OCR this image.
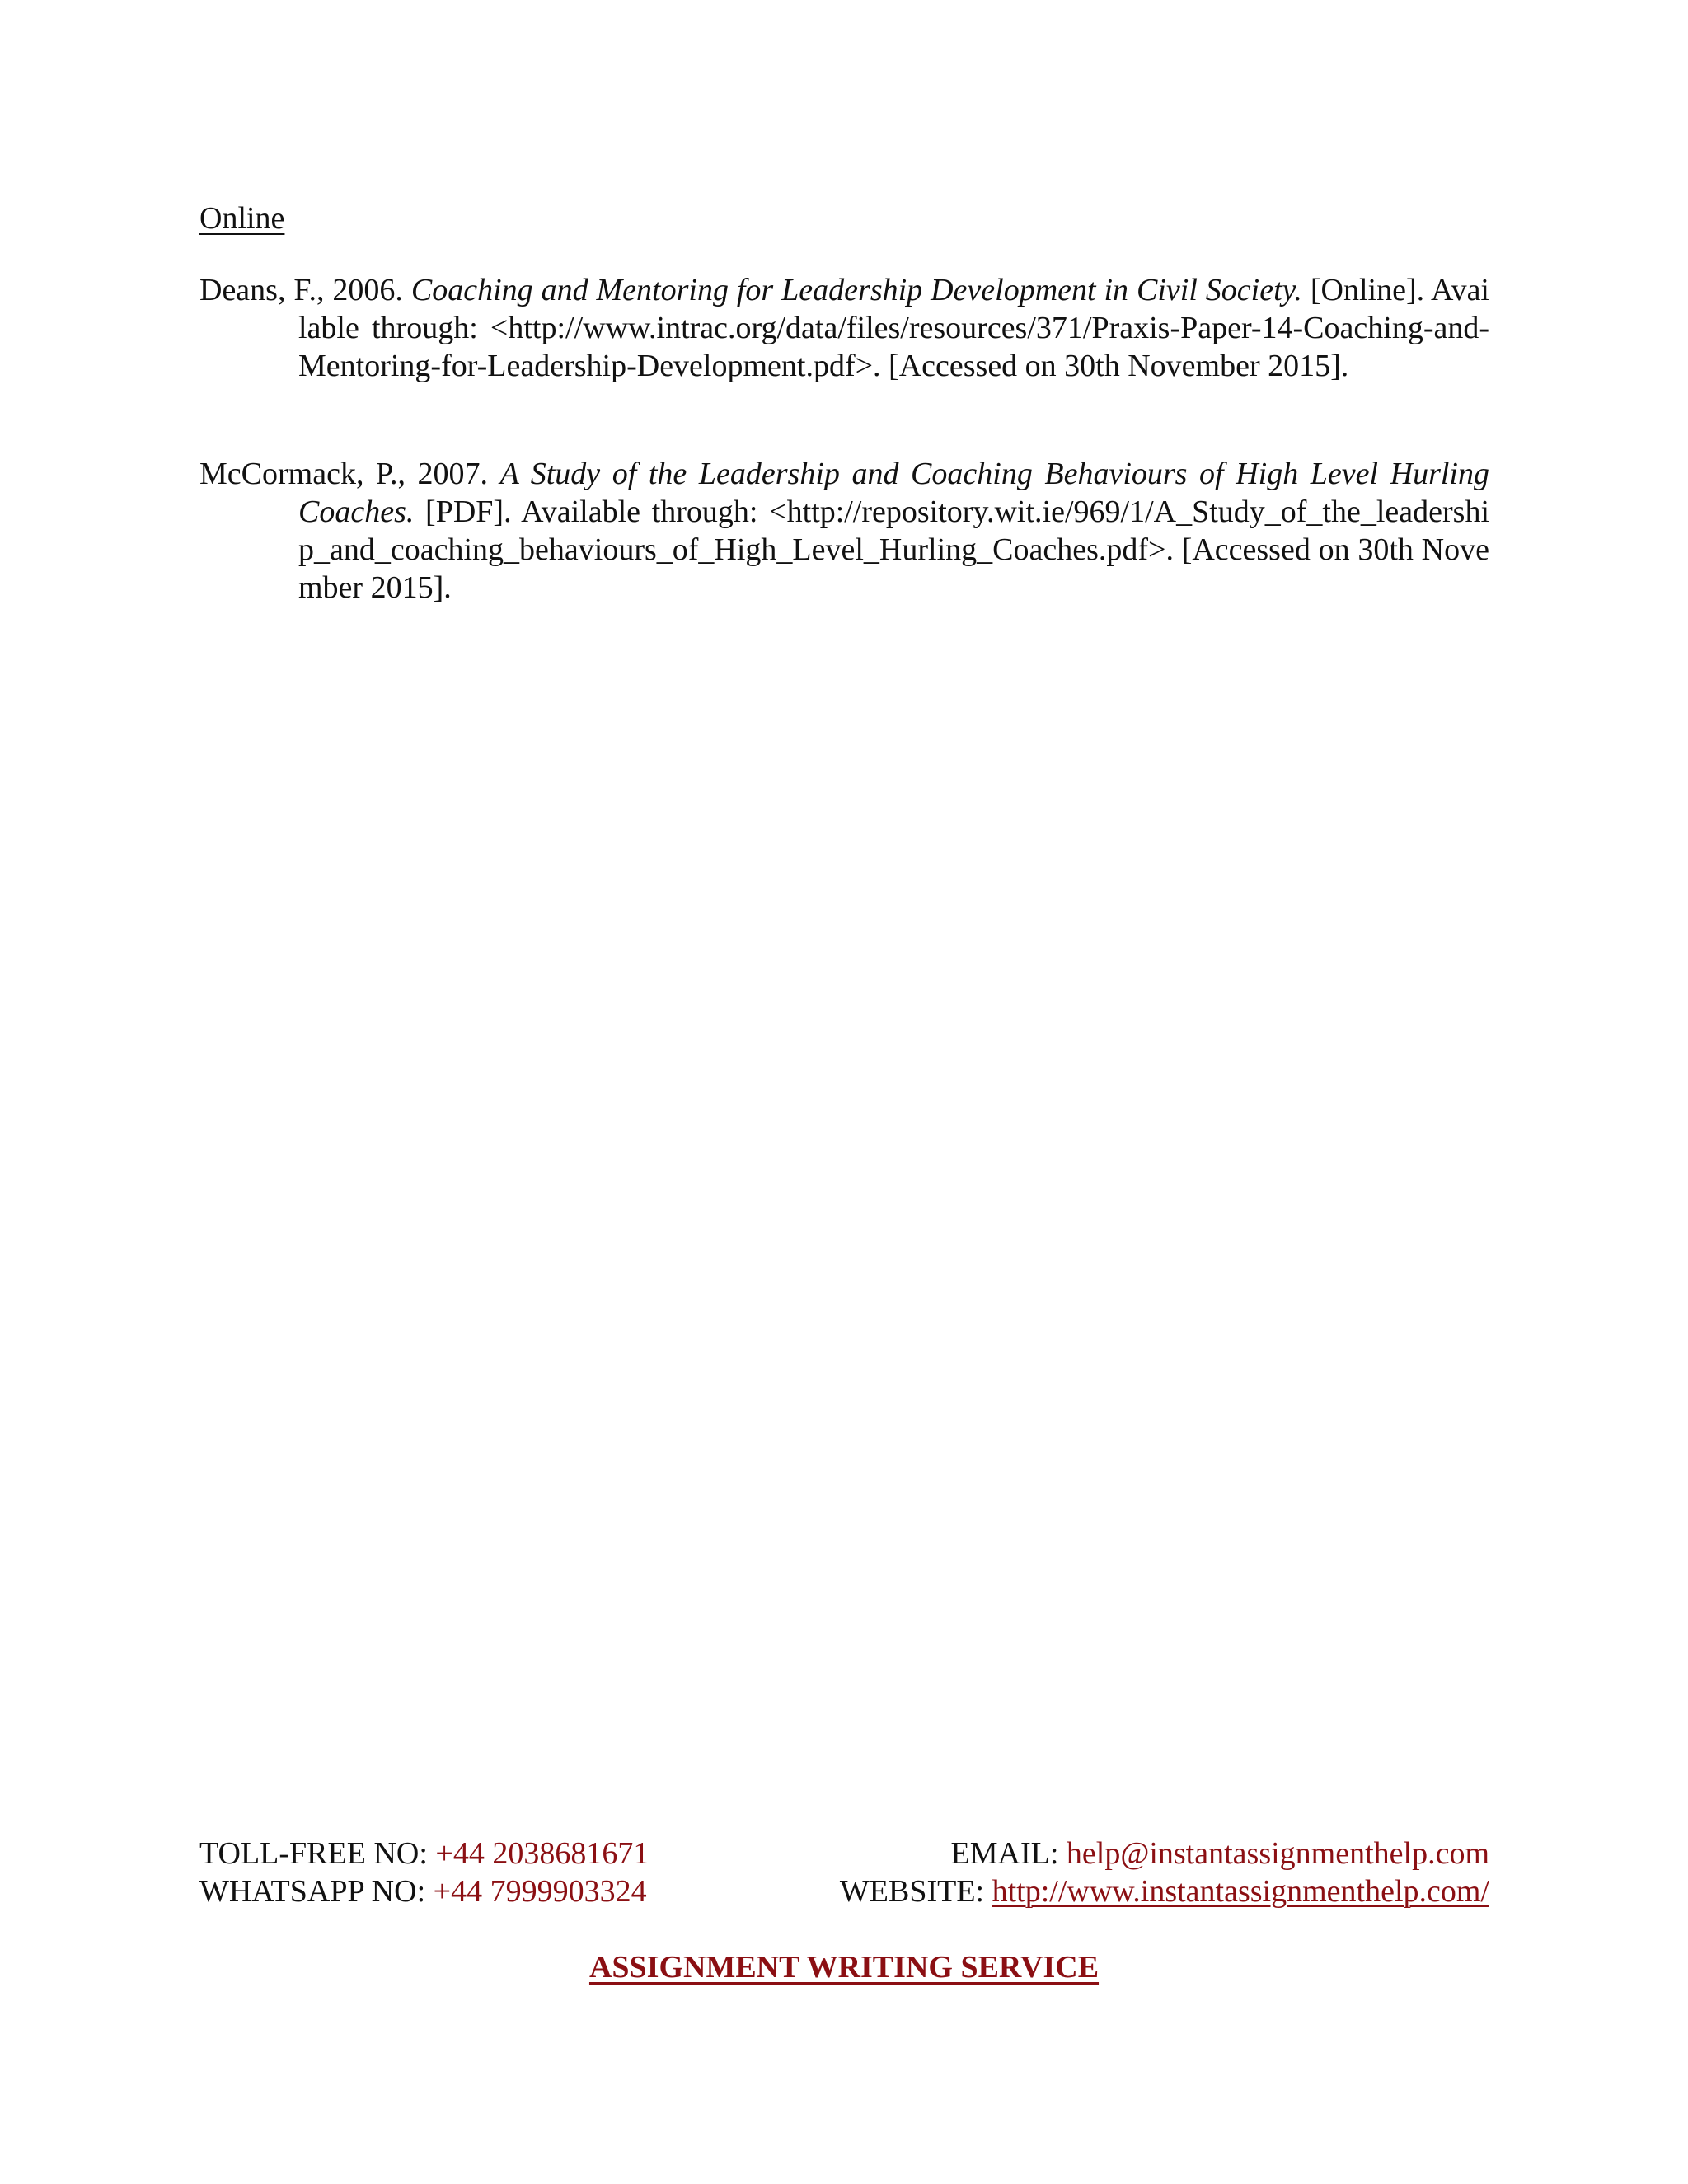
Online

Deans, F., 2006. Coaching and Mentoring for Leadership Development in Civil Society. [Online]. Available through: <http://www.intrac.org/data/files/resources/371/Praxis-Paper-14-Coaching-and-Mentoring-for-Leadership-Development.pdf>. [Accessed on 30th November 2015].

McCormack, P., 2007. A Study of the Leadership and Coaching Behaviours of High Level Hurling Coaches. [PDF]. Available through: <http://repository.wit.ie/969/1/A_Study_of_the_leadership_and_coaching_behaviours_of_High_Level_Hurling_Coaches.pdf>. [Accessed on 30th November 2015].

TOLL-FREE NO: +44 2038681671
WHATSAPP NO: +44 7999903324
EMAIL: help@instantassignmenthelp.com
WEBSITE: http://www.instantassignmenthelp.com/
ASSIGNMENT WRITING SERVICE
